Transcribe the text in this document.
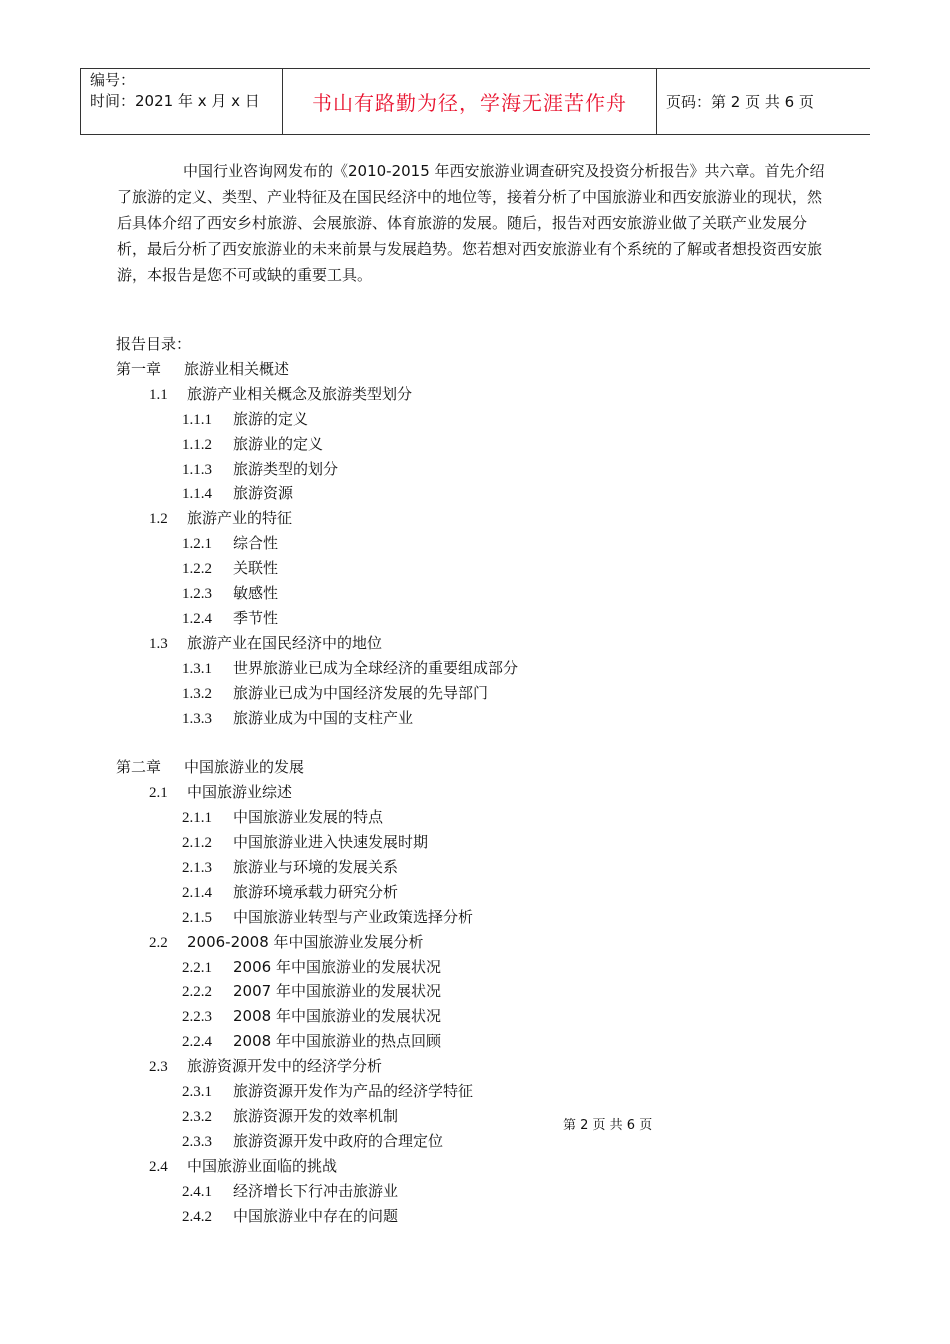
编号：
时间：2021 年 x 月 x 日	书山有路勤为径，学海无涯苦作舟	页码：第 2 页 共 6 页

中国行业咨询网发布的《2010-2015 年西安旅游业调查研究及投资分析报告》共六章。首先介绍了旅游的定义、类型、产业特征及在国民经济中的地位等，接着分析了中国旅游业和西安旅游业的现状，然后具体介绍了西安乡村旅游、会展旅游、体育旅游的发展。随后，报告对西安旅游业做了关联产业发展分析，最后分析了西安旅游业的未来前景与发展趋势。您若想对西安旅游业有个系统的了解或者想投资西安旅游，本报告是您不可或缺的重要工具。

报告目录：
第一章 旅游业相关概述
1.1 旅游产业相关概念及旅游类型划分
1.1.1 旅游的定义
1.1.2 旅游业的定义
1.1.3 旅游类型的划分
1.1.4 旅游资源
1.2 旅游产业的特征
1.2.1 综合性
1.2.2 关联性
1.2.3 敏感性
1.2.4 季节性
1.3 旅游产业在国民经济中的地位
1.3.1 世界旅游业已成为全球经济的重要组成部分
1.3.2 旅游业已成为中国经济发展的先导部门
1.3.3 旅游业成为中国的支柱产业
第二章 中国旅游业的发展
2.1 中国旅游业综述
2.1.1 中国旅游业发展的特点
2.1.2 中国旅游业进入快速发展时期
2.1.3 旅游业与环境的发展关系
2.1.4 旅游环境承载力研究分析
2.1.5 中国旅游业转型与产业政策选择分析
2.2 2006-2008 年中国旅游业发展分析
2.2.1 2006 年中国旅游业的发展状况
2.2.2 2007 年中国旅游业的发展状况
2.2.3 2008 年中国旅游业的发展状况
2.2.4 2008 年中国旅游业的热点回顾
2.3 旅游资源开发中的经济学分析
2.3.1 旅游资源开发作为产品的经济学特征
2.3.2 旅游资源开发的效率机制
2.3.3 旅游资源开发中政府的合理定位
2.4 中国旅游业面临的挑战
2.4.1 经济增长下行冲击旅游业
2.4.2 中国旅游业中存在的问题
第 2 页 共 6 页
